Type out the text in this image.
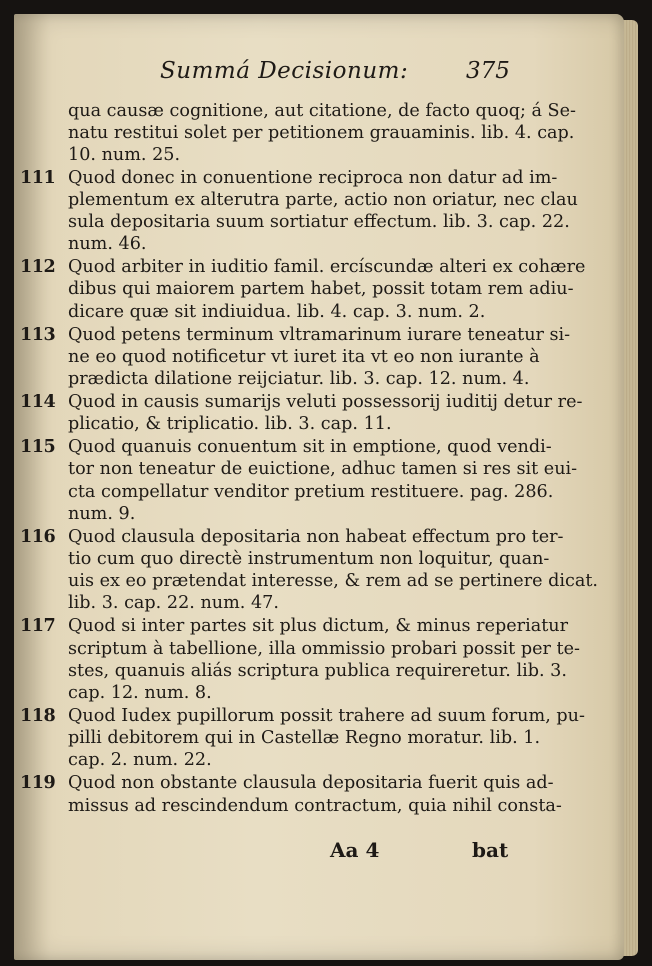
Summá Decisionum:	375
qua causæ cognitione, aut citatione, de facto quoq; á Se-
natu restitui solet per petitionem grauaminis. lib. 4. cap.
10. num. 25.
111 Quod donec in conuentione reciproca non datur ad im-
plementum ex alterutra parte, actio non oriatur, nec clau
sula depositaria suum sortiatur effectum. lib. 3. cap. 22.
num. 46.
112 Quod arbiter in iuditio famil. ercíscundæ alteri ex cohære
dibus qui maiorem partem habet, possit totam rem adiu-
dicare quæ sit indiuidua. lib. 4. cap. 3. num. 2.
113 Quod petens terminum vltramarinum iurare teneatur si-
ne eo quod notificetur vt iuret ita vt eo non iurante à
prædicta dilatione reijciatur. lib. 3. cap. 12. num. 4.
114 Quod in causis sumarijs veluti possessorij iuditij detur re-
plicatio, & triplicatio. lib. 3. cap. 11.
115 Quod quanuis conuentum sit in emptione, quod vendi-
tor non teneatur de euictione, adhuc tamen si res sit eui-
cta compellatur venditor pretium restituere. pag. 286.
num. 9.
116 Quod clausula depositaria non habeat effectum pro ter-
tio cum quo directè instrumentum non loquitur, quan-
uis ex eo prætendat interesse, & rem ad se pertinere dicat.
lib. 3. cap. 22. num. 47.
117 Quod si inter partes sit plus dictum, & minus reperiatur
scriptum à tabellione, illa ommissio probari possit per te-
stes, quanuis aliás scriptura publica requireretur. lib. 3.
cap. 12. num. 8.
118 Quod Iudex pupillorum possit trahere ad suum forum, pu-
pilli debitorem qui in Castellæ Regno moratur. lib. 1.
cap. 2. num. 22.
119 Quod non obstante clausula depositaria fuerit quis ad-
missus ad rescindendum contractum, quia nihil consta-
Aa 4	bat
